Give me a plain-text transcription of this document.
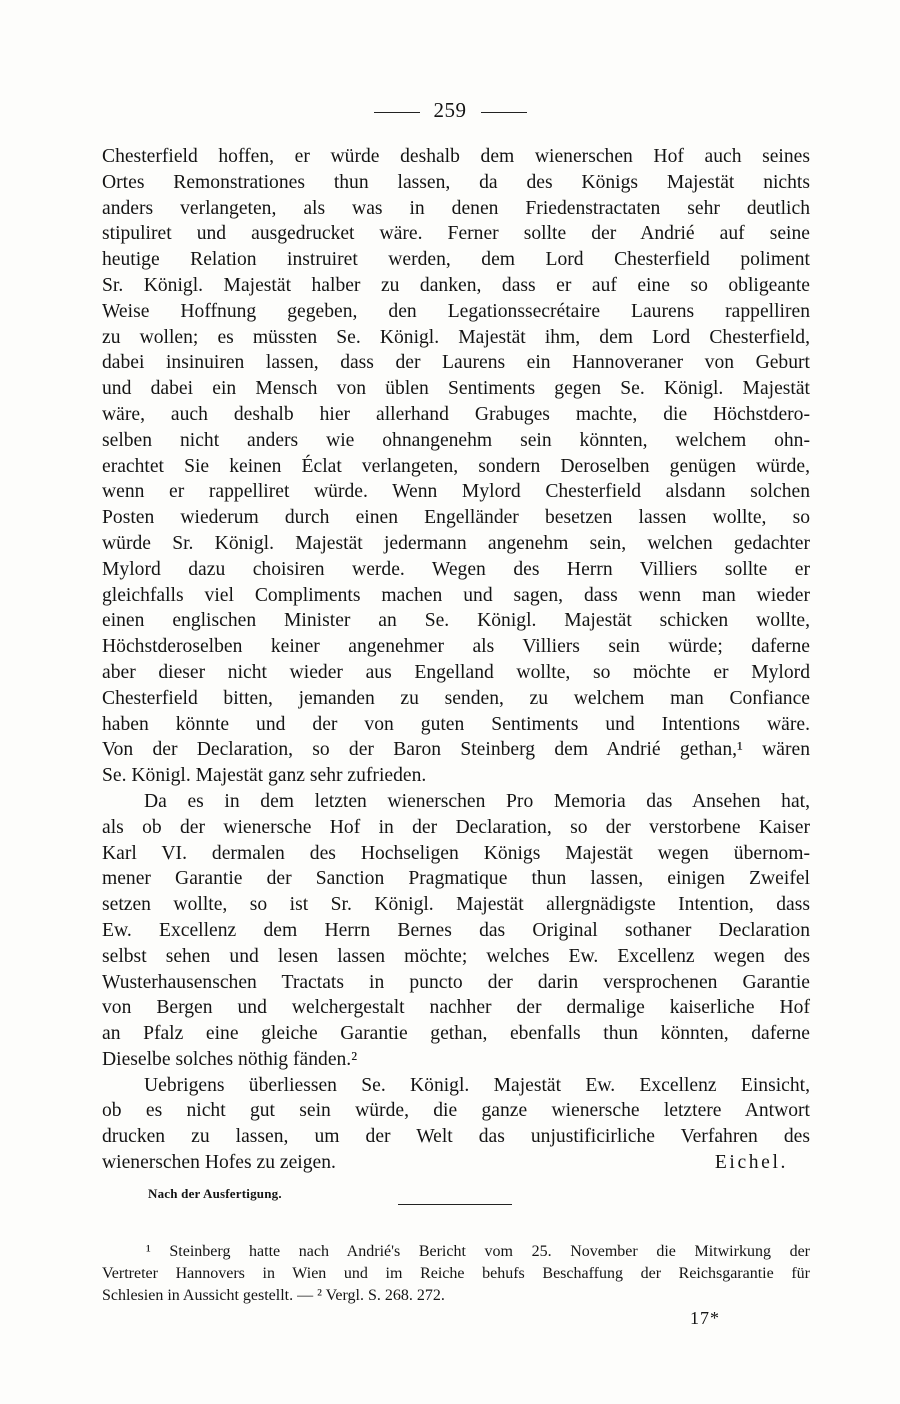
259
Chesterfield hoffen, er würde deshalb dem wienerschen Hof auch seines
Ortes Remonstrationes thun lassen, da des Königs Majestät nichts
anders verlangeten, als was in denen Friedenstractaten sehr deutlich
stipuliret und ausgedrucket wäre. Ferner sollte der Andrié auf seine
heutige Relation instruiret werden, dem Lord Chesterfield poliment
Sr. Königl. Majestät halber zu danken, dass er auf eine so obligeante
Weise Hoffnung gegeben, den Legationssecrétaire Laurens rappelliren
zu wollen; es müssten Se. Königl. Majestät ihm, dem Lord Chesterfield,
dabei insinuiren lassen, dass der Laurens ein Hannoveraner von Geburt
und dabei ein Mensch von üblen Sentiments gegen Se. Königl. Majestät
wäre, auch deshalb hier allerhand Grabuges machte, die Höchstdero-
selben nicht anders wie ohnangenehm sein könnten, welchem ohn-
erachtet Sie keinen Éclat verlangeten, sondern Deroselben genügen würde,
wenn er rappelliret würde. Wenn Mylord Chesterfield alsdann solchen
Posten wiederum durch einen Engelländer besetzen lassen wollte, so
würde Sr. Königl. Majestät jedermann angenehm sein, welchen gedachter
Mylord dazu choisiren werde. Wegen des Herrn Villiers sollte er
gleichfalls viel Compliments machen und sagen, dass wenn man wieder
einen englischen Minister an Se. Königl. Majestät schicken wollte,
Höchstderoselben keiner angenehmer als Villiers sein würde; daferne
aber dieser nicht wieder aus Engelland wollte, so möchte er Mylord
Chesterfield bitten, jemanden zu senden, zu welchem man Confiance
haben könnte und der von guten Sentiments und Intentions wäre.
Von der Declaration, so der Baron Steinberg dem Andrié gethan,¹ wären
Se. Königl. Majestät ganz sehr zufrieden.
Da es in dem letzten wienerschen Pro Memoria das Ansehen hat,
als ob der wienersche Hof in der Declaration, so der verstorbene Kaiser
Karl VI. dermalen des Hochseligen Königs Majestät wegen übernom-
mener Garantie der Sanction Pragmatique thun lassen, einigen Zweifel
setzen wollte, so ist Sr. Königl. Majestät allergnädigste Intention, dass
Ew. Excellenz dem Herrn Bernes das Original sothaner Declaration
selbst sehen und lesen lassen möchte; welches Ew. Excellenz wegen des
Wusterhausenschen Tractats in puncto der darin versprochenen Garantie
von Bergen und welchergestalt nachher der dermalige kaiserliche Hof
an Pfalz eine gleiche Garantie gethan, ebenfalls thun könnten, daferne
Dieselbe solches nöthig fänden.²
Uebrigens überliessen Se. Königl. Majestät Ew. Excellenz Einsicht,
ob es nicht gut sein würde, die ganze wienersche letztere Antwort
drucken zu lassen, um der Welt das unjustificirliche Verfahren des
wienerschen Hofes zu zeigen.	Eichel.
Nach der Ausfertigung.
¹ Steinberg hatte nach Andrié's Bericht vom 25. November die Mitwirkung der
Vertreter Hannovers in Wien und im Reiche behufs Beschaffung der Reichsgarantie für
Schlesien in Aussicht gestellt. — ² Vergl. S. 268. 272.
17*
